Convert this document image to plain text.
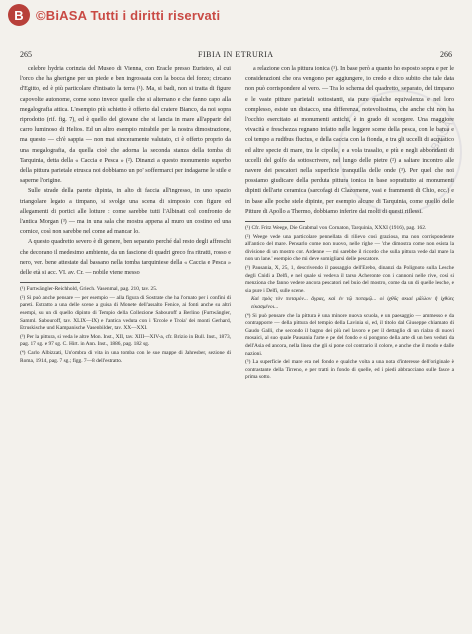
B ©BiASA Tutti i diritti riservati
BIASA
265	FIBIA IN ETRURIA	266

celebre hydria corinzia del Museo di Vienna, con Eracle presso Euristeo, al cui l'orco che ha gherigne per un piede e ben ingrossata con la bocca del forzo; circano d'Egitto, ed è più particolare d'intisato la terra (¹). Ma, si badi, non si tratta di figure capovolte autonome, come sono invece quelle che si alternano e che fanno capo alla megalografia attica. L'esempio più schietto è offerto dal cratere Bianco, da noi sopra riprodotto (rif. fig. 7), ed è quello del giovane che si lancia in mare all'apparir del carro luminoso di Helios. Ed un altro esempio mirabile per la nostra dimostrazione, ma questo — ch'è sappia — non mai sinceramente valutato, ci è offerto proprio da una megalografia, da quella cioè che adorna la seconda stanza della tomba di Tarquinia, detta della « Caccia e Pesca » (²). Dinanzi a questo monumento superbo della pittura parietale etrusca noi dobbiamo un po' soffermarci per indagarne le stile e saperne l'origine.

Sulle strade della parete dipinta, in alto di faccia all'ingresso, in uno spazio triangolare legato a timpano, si svolge una scena di simposio con figure ed allegamenti di portici alle lotture : come sarebbe tutti l'Albinati col confronto de l'antica Morgan (³) — ma in una sala che mostra appena al muro un costino ed una cornice, così non sarebbe nel come ad mancar lo.

A questo quadretto severo è di genere, ben separato perché dal resto degli affreschi che decorano il medesimo ambiente, da un fascione di quadri greco fra ritratti, rosso e nero, ver. bene attestate dal bassano nella tomba tarquiniese della « Caccia e Pesca » delle età si acc. VI. av. Cr. — nobile viene messo

(¹) Furtwängler-Reichhold, Griech. Vasenmal, pag. 210, tav. 25.
(²) Si può anche pensare — per esempio — alla figura di Sostrate che ha l'ornato per i confini di pareti. Estratto a una delle scene a guisa di Monete dell'assalto Fenice, ai fonti anche su altri esempi, su un di quello dipinto di Tempio della Collezione Sabouroff a Berlino (Furtwängler, Samml. Sabouroff, tav. XLIX—IX) e l'antica veduta con i 'Ercole e Troia' dei monti Gerhard, Etruskische und Kampanische Vasenbilder, tav. XX—XXI.
(³) Per la pittura, si veda le altre Mon. Inst., XII, tav. XIII—XIV-a, cfr. Brizio in Bull. Inst., 1873, pag. 17 sg. e 97 sg. C. Hirt. in Ann. Inst., 1886, pag. 182 sg.
(⁴) Carlo Albizzati, Un'ombra di vita in una tomba con le sue mappe di Jahresber, sezione di Roma, 1914, pag. 7 sg.; figg. 7—8 dell'estratto.

a relazione con la pittura ionica (¹). In base però a quanto ho esposto sopra e per le considerazioni che ora vengono per aggiungere, io credo e dico subito che tale data non può corrispondere al vero. — Tra lo schema del quadretto, separato, del timpano e le vaste pitture parietali sottostanti, sia pure qualche equivalenza e nel loro complesso, esiste un distacco, una differenza, notevolissima, che anche chi non ha l'occhio esercitato ai monumenti antichi, è in grado di scorgere. Una maggiore vivacità e freschezza regnano infatto nelle leggere scene della pesca, con le barca e col tempo a rudibus fluctus, e della caccia con la fionda, e tra gli uccelli di acquatico ed altre specie di mare, tra le cipolle, e a vola trasalio, e più e negli abbondanti di uccelli del golfo da sottoscrivere, nel lungo delle pietre (²) a saltare incontro alle navere dei pescatori nella superficie tranquilla delle onde (³). Per quel che noi possiamo giudicare della perduta pittura ionica in base soprattutto ai monumenti dipinti dell'arte ceramica (sarcofagi di Clazomene, vasi e frammenti di Chio, ecc.) e in base alle poche stele dipinte, per esempio alcune di Tarquinia, come quello delle Pitture di Apollo a Thermo, dobbiamo inferire dai molti di questi riflessi.

(¹) Cfr. Fritz Weege, Die Grabmal von Cornaton, Tarquinia, XXXI (1916), pag. 162.
(²) Weege vede una particolare pennellata di rilievo così graziosa, ma non corrispondente all'antico del mare. Pensarlo come non nuovo, nelle righe — 'che dimostra come non esista la divisione di un mostro cor. Ardenne — mi sarebbe il ricordo che sulla pittura vede dal mare la non un lane.' esempio che mi deve somigliarsi delle pescatore.
(³) Pausania, X, 25, 1, descrivendo il passaggio dell'Erebo, dinanzi da Polignoto sulla Lesche degli Cnidi a Delfi, e nel quale si vedeva il tarso Acheronte con i cannoni nelle rive, così si menziona che fanno vedere ancora pescatori nel buio del mostro, come da un di quelle lesche, e sia pure i Delfi, sulle scene.
Καὶ πρὸς τὸν ποταμόν... ἄγρας, καὶ ἐν τῷ ποταμῷ... οἱ ἰχθῦς σκιαὶ μᾶλλον ἢ ἰχθύες εἰκασμένοι...
(⁴) Si può pensare che la pittura è una minore nuova scuola, e un paesaggio — ammesso e da contrapporre — della pittura del tempio della Lavinia si, ed, il titolo dal Giuseppe chiamato di Gaudo Galli, che secondo il bagno dei più nel lavoro e per il dettaglio di un rialzo di nuovi mosaici, al suo quale Pausania l'arte e pe del fondo e si pongono della arte di un ben veduti da dell'Asia ed ancora, nella linea che gli si pone col contrario il colore, e anche che il modo e dalle nazioni.
(⁵) La superficie del mare era nel fondo e qualche volta a una nota d'interesse dell'originale è contrastante della Tirreno, e per tratti in fondo di quelle, ed i piedi abbracciano sulle fasce a prima sotto.
